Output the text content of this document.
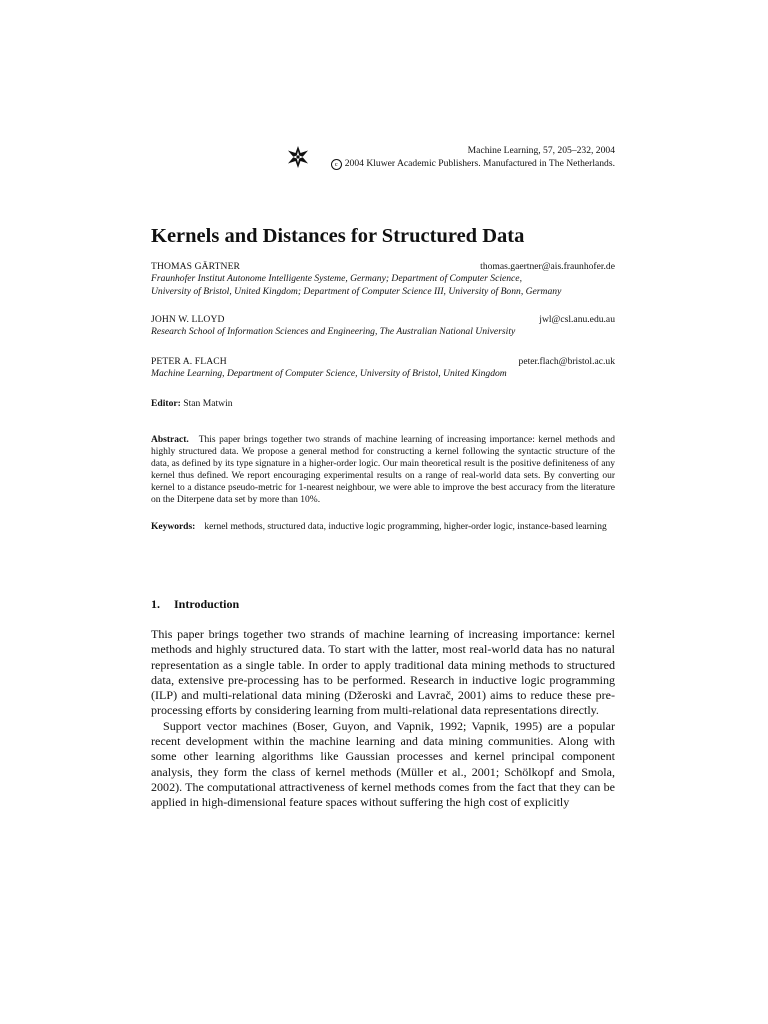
Machine Learning, 57, 205–232, 2004
c 2004 Kluwer Academic Publishers. Manufactured in The Netherlands.
Kernels and Distances for Structured Data
THOMAS GÄRTNER	thomas.gaertner@ais.fraunhofer.de
Fraunhofer Institut Autonome Intelligente Systeme, Germany; Department of Computer Science,
University of Bristol, United Kingdom; Department of Computer Science III, University of Bonn, Germany
JOHN W. LLOYD	jwl@csl.anu.edu.au
Research School of Information Sciences and Engineering, The Australian National University
PETER A. FLACH	peter.flach@bristol.ac.uk
Machine Learning, Department of Computer Science, University of Bristol, United Kingdom
Editor: Stan Matwin

Abstract. This paper brings together two strands of machine learning of increasing importance: kernel methods and highly structured data. We propose a general method for constructing a kernel following the syntactic structure of the data, as defined by its type signature in a higher-order logic. Our main theoretical result is the positive definiteness of any kernel thus defined. We report encouraging experimental results on a range of real-world data sets. By converting our kernel to a distance pseudo-metric for 1-nearest neighbour, we were able to improve the best accuracy from the literature on the Diterpene data set by more than 10%.

Keywords: kernel methods, structured data, inductive logic programming, higher-order logic, instance-based learning

1. Introduction

This paper brings together two strands of machine learning of increasing importance: kernel methods and highly structured data. To start with the latter, most real-world data has no natural representation as a single table. In order to apply traditional data mining methods to structured data, extensive pre-processing has to be performed. Research in inductive logic programming (ILP) and multi-relational data mining (Džeroski and Lavrač, 2001) aims to reduce these pre-processing efforts by considering learning from multi-relational data representations directly.

Support vector machines (Boser, Guyon, and Vapnik, 1992; Vapnik, 1995) are a popular recent development within the machine learning and data mining communities. Along with some other learning algorithms like Gaussian processes and kernel principal component analysis, they form the class of kernel methods (Müller et al., 2001; Schölkopf and Smola, 2002). The computational attractiveness of kernel methods comes from the fact that they can be applied in high-dimensional feature spaces without suffering the high cost of explicitly
